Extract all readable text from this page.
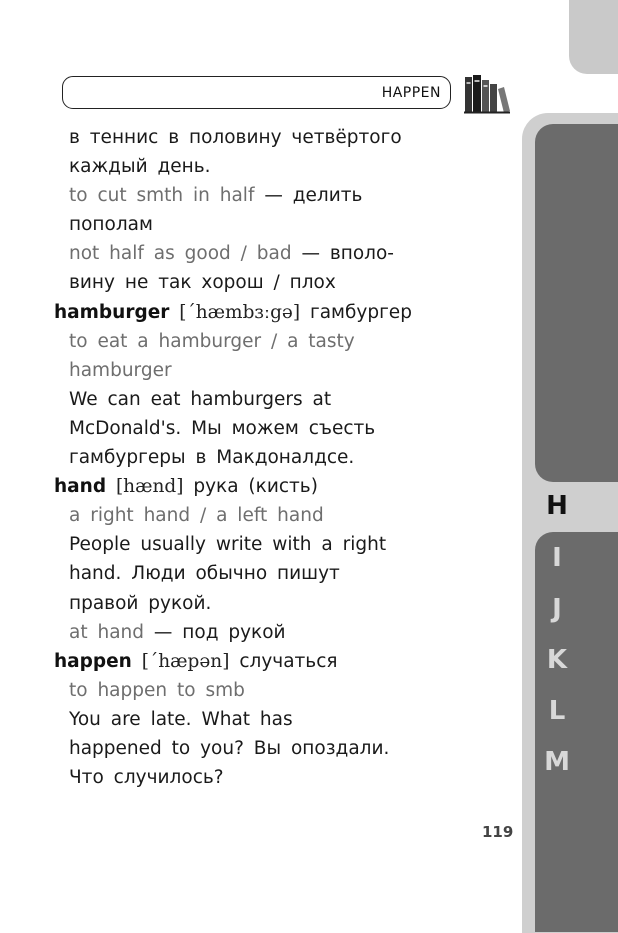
HAPPEN
H
I
J
K
L
M
в теннис в половину четвёртого
каждый день.
to cut smth in half — делить
пополам
not half as good / bad — вполо-
вину не так хорош / плох
hamburger [ˊhæmbɜːgə] гамбургер
to eat a hamburger / a tasty
hamburger
We can eat hamburgers at
McDonald's. Мы можем съесть
гамбургеры в Макдоналдсе.
hand [hænd] рука (кисть)
a right hand / a left hand
People usually write with a right
hand. Люди обычно пишут
правой рукой.
at hand — под рукой
happen [ˊhæpən] случаться
to happen to smb
You are late. What has
happened to you? Вы опоздали.
Что случилось?
119
